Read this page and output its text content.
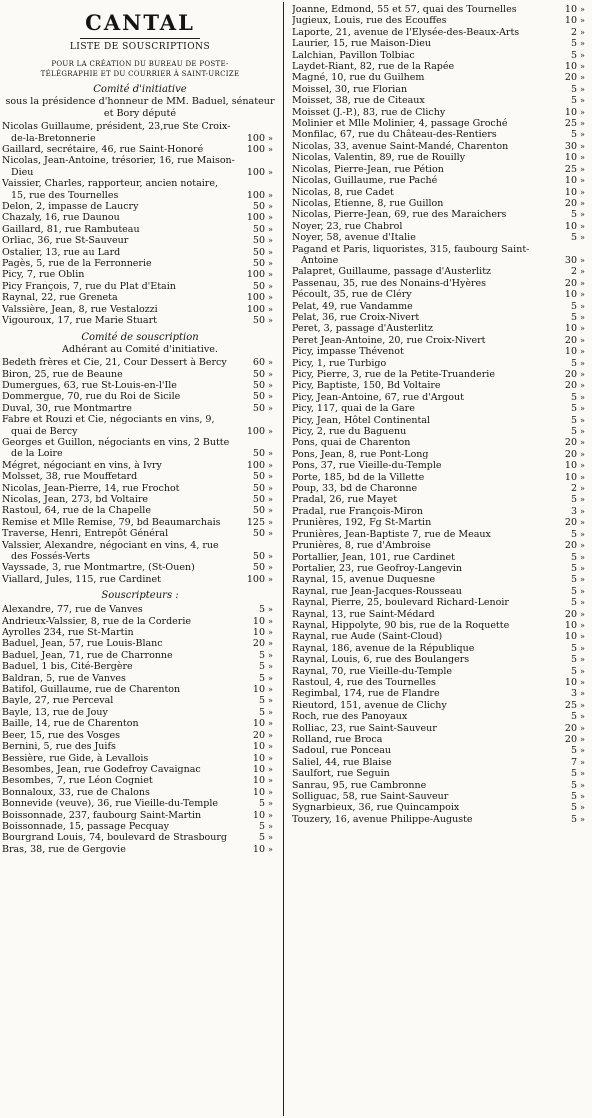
CANTAL
LISTE DE SOUSCRIPTIONS
POUR LA CRÉATION DU BUREAU DE POSTE-
TÉLÉGRAPHIE ET DU COURRIER À SAINT-URCIZE
Comité d'initiative
sous la présidence d'honneur de MM. Baduel, sénateur et Bory député
Nicolas Guillaume, président, 23,rue Ste Croix-de-la-Bretonnerie	100 »
Gaillard, secrétaire, 46, rue Saint-Honoré	100 »
Nicolas, Jean-Antoine, trésorier, 16, rue Maison-Dieu	100 »
Vaissier, Charles, rapporteur, ancien notaire, 15, rue des Tournelles	100 »
Delon, 2, impasse de Laucry	50 »
Chazaly, 16, rue Daunou	100 »
Gaillard, 81, rue Rambuteau	50 »
Orliac, 36, rue St-Sauveur	50 »
Ostalier, 13, rue au Lard	50 »
Pagès, 5, rue de la Ferronnerie	50 »
Picy, 7, rue Oblin	100 »
Picy François, 7, rue du Plat d'Etain	50 »
Raynal, 22, rue Greneta	100 »
Valssière, Jean, 8, rue Vestalozzi	100 »
Vigouroux, 17, rue Marie Stuart	50 »
Comité de souscription
Adhérant au Comité d'initiative.
Bedeth frères et Cie, 21, Cour Dessert à Bercy	60 »
Biron, 25, rue de Beaune	50 »
Dumergues, 63, rue St-Louis-en-l'Ile	50 »
Dommergue, 70, rue du Roi de Sicile	50 »
Duval, 30, rue Montmartre	50 »
Fabre et Rouzi et Cie, négociants en vins, 9, quai de Bercy	100 »
Georges et Guillon, négociants en vins, 2 Butte de la Loire	50 »
Mégret, négociant en vins, à Ivry	100 »
Molsset, 38, rue Mouffetard	50 »
Nicolas, Jean-Pierre, 14, rue Frochot	50 »
Nicolas, Jean, 273, bd Voltaire	50 »
Rastoul, 64, rue de la Chapelle	50 »
Remise et Mlle Remise, 79, bd Beaumarchais	125 »
Traverse, Henri, Entrepôt Général	50 »
Valssier, Alexandre, négociant en vins, 4, rue des Fossés-Verts	50 »
Vayssade, 3, rue Montmartre, (St-Ouen)	50 »
Viallard, Jules, 115, rue Cardinet	100 »
Souscripteurs :
Alexandre, 77, rue de Vanves	5 »
Andrieux-Valssier, 8, rue de la Corderie	10 »
Ayrolles 234, rue St-Martin	10 »
Baduel, Jean, 57, rue Louis-Blanc	20 »
Baduel, Jean, 71, rue de Charronne	5 »
Baduel, 1 bis, Cité-Bergère	5 »
Baldran, 5, rue de Vanves	5 »
Batifol, Guillaume, rue de Charenton	10 »
Bayle, 27, rue Perceval	5 »
Bayle, 13, rue de Jouy	5 »
Baille, 14, rue de Charenton	10 »
Beer, 15, rue des Vosges	20 »
Bernini, 5, rue des Juifs	10 »
Bessière, rue Gide, à Levallois	10 »
Besombes, Jean, rue Godefroy Cavaignac	10 »
Besombes, 7, rue Léon Cogniet	10 »
Bonnaloux, 33, rue de Chalons	10 »
Bonnevide (veuve), 36, rue Vieille-du-Temple	5 »
Boissonnade, 237, faubourg Saint-Martin	10 »
Boissonnade, 15, passage Pecquay	5 »
Bourgrand Louis, 74, boulevard de Strasbourg	5 »
Bras, 38, rue de Gergovie	10 »
Joanne, Edmond, 55 et 57, quai des Tournelles	10 »
Jugieux, Louis, rue des Ecouffes	10 »
Laporte, 21, avenue de l'Elysée-des-Beaux-Arts	2 »
Laurier, 15, rue Maison-Dieu	5 »
Lalchian, Pavillon Tolbiac	5 »
Laydet-Riant, 82, rue de la Rapée	10 »
Magné, 10, rue du Guilhem	20 »
Moissel, 30, rue Florian	5 »
Moisset, 38, rue de Citeaux	5 »
Moisset (J.-P.), 83, rue de Clichy	10 »
Molinier et Mlle Molinier, 4, passage Groché	25 »
Monfilac, 67, rue du Château-des-Rentiers	5 »
Nicolas, 33, avenue Saint-Mandé, Charenton	30 »
Nicolas, Valentin, 89, rue de Rouilly	10 »
Nicolas, Pierre-Jean, rue Pétion	25 »
Nicolas, Guillaume, rue Paché	10 »
Nicolas, 8, rue Cadet	10 »
Nicolas, Etienne, 8, rue Guillon	20 »
Nicolas, Pierre-Jean, 69, rue des Maraichers	5 »
Noyer, 23, rue Chabrol	10 »
Noyer, 58, avenue d'Italie	5 »
Pagand et Paris, liquoristes, 315, faubourg Saint-Antoine	30 »
Palapret, Guillaume, passage d'Austerlitz	2 »
Passenau, 35, rue des Nonains-d'Hyères	20 »
Pécoult, 35, rue de Cléry	10 »
Pelat, 49, rue Vandamme	5 »
Pelat, 36, rue Croix-Nivert	5 »
Peret, 3, passage d'Austerlitz	10 »
Peret Jean-Antoine, 20, rue Croix-Nivert	20 »
Picy, impasse Thévenot	10 »
Picy, 1, rue Turbigo	5 »
Picy, Pierre, 3, rue de la Petite-Truanderie	20 »
Picy, Baptiste, 150, Bd Voltaire	20 »
Picy, Jean-Antoine, 67, rue d'Argout	5 »
Picy, 117, quai de la Gare	5 »
Picy, Jean, Hôtel Continental	5 »
Picy, 2, rue du Baguenu	5 »
Pons, quai de Charenton	20 »
Pons, Jean, 8, rue Pont-Long	20 »
Pons, 37, rue Vieille-du-Temple	10 »
Porte, 185, bd de la Villette	10 »
Poup, 33, bd de Charonne	2 »
Pradal, 26, rue Mayet	5 »
Pradal, rue François-Miron	3 »
Prunières, 192, Fg St-Martin	20 »
Prunières, Jean-Baptiste 7, rue de Meaux	5 »
Prunières, 8, rue d'Ambroise	20 »
Portallier, Jean, 101, rue Cardinet	5 »
Portalier, 23, rue Geofroy-Langevin	5 »
Raynal, 15, avenue Duquesne	5 »
Raynal, rue Jean-Jacques-Rousseau	5 »
Raynal, Pierre, 25, boulevard Richard-Lenoir	5 »
Raynal, 13, rue Saint-Médard	20 »
Raynal, Hippolyte, 90 bis, rue de la Roquette	10 »
Raynal, rue Aude (Saint-Cloud)	10 »
Raynal, 186, avenue de la République	5 »
Raynal, Louis, 6, rue des Boulangers	5 »
Raynal, 70, rue Vieille-du-Temple	5 »
Rastoul, 4, rue des Tournelles	10 »
Regimbal, 174, rue de Flandre	3 »
Rieutord, 151, avenue de Clichy	25 »
Roch, rue des Panoyaux	5 »
Rolliac, 23, rue Saint-Sauveur	20 »
Rolland, rue Broca	20 »
Sadoul, rue Ponceau	5 »
Saliel, 44, rue Blaise	7 »
Saulfort, rue Seguin	5 »
Sanrau, 95, rue Cambronne	5 »
Solliguac, 58, rue Saint-Sauveur	5 »
Sygnarbieux, 36, rue Quincampoix	5 »
Touzery, 16, avenue Philippe-Auguste	5 »
